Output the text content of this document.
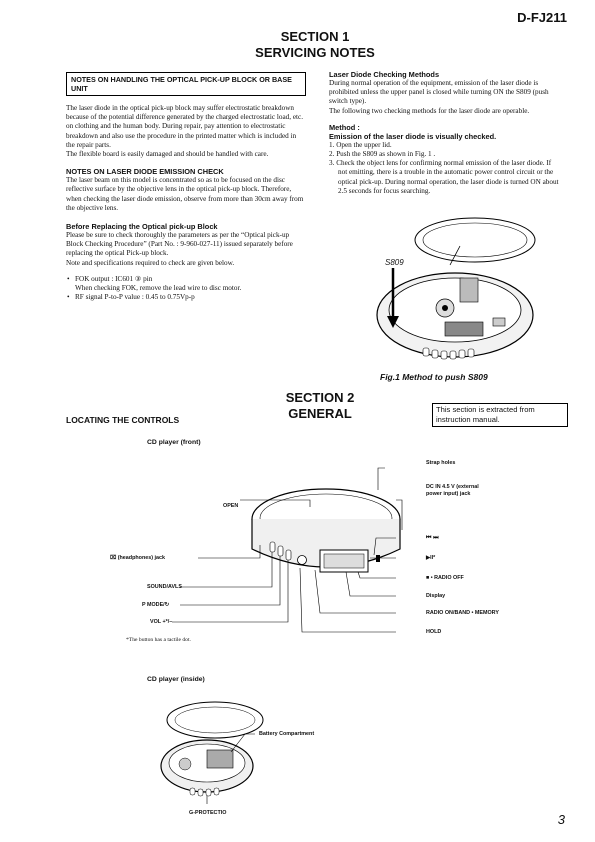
D-FJ211
SECTION 1
SERVICING NOTES
NOTES ON HANDLING THE OPTICAL PICK-UP BLOCK OR BASE UNIT
The laser diode in the optical pick-up block may suffer electrostatic breakdown because of the potential difference generated by the charged electrostatic load, etc. on clothing and the human body. During repair, pay attention to electrostatic breakdown and also use the procedure in the printed matter which is included in the repair parts.
The flexible board is easily damaged and should be handled with care.
NOTES ON LASER DIODE EMISSION CHECK
The laser beam on this model is concentrated so as to be focused on the disc reflective surface by the objective lens in the optical pick-up block. Therefore, when checking the laser diode emission, observe from more than 30cm away from the objective lens.
Before Replacing the Optical pick-up Block
Please be sure to check thoroughly the parameters as per the “Optical pick-up Block Checking Procedure” (Part No. : 9-960-027-11) issued separately before replacing the optical Pick-up block.
Note and specifications required to check are given below.
• FOK output : IC601 ③ pin
When checking FOK, remove the lead wire to disc motor.
• RF signal P-to-P value : 0.45 to 0.75Vp-p
Laser Diode Checking Methods
During normal operation of the equipment, emission of the laser diode is prohibited unless the upper panel is closed while turning ON the S809 (push switch type).
The following two checking methods for the laser diode are operable.
Method :
Emission of the laser diode is visually checked.
1. Open the upper lid.
2. Push the S809 as shown in Fig. 1 .
3. Check the object lens for confirming normal emission of the laser diode. If not emitting, there is a trouble in the automatic power control circuit or the optical pick-up. During normal operation, the laser diode is turned ON about 2.5 seconds for focus searching.
S809
Fig.1 Method to push S809
SECTION 2
GENERAL	This section is extracted from instruction manual.
LOCATING THE CONTROLS
CD player (front)
Strap holes
DC IN 4.5 V (external power input) jack
OPEN
⏮ ⏭
▶II*
■ • RADIO OFF
Display
RADIO ON/BAND • MEMORY
HOLD
⌧ (headphones) jack
SOUND/AVLS
P MODE/↻
VOL +*/–
*The button has a tactile dot.
CD player (inside)
Battery Compartment
G-PROTECTIO	3
